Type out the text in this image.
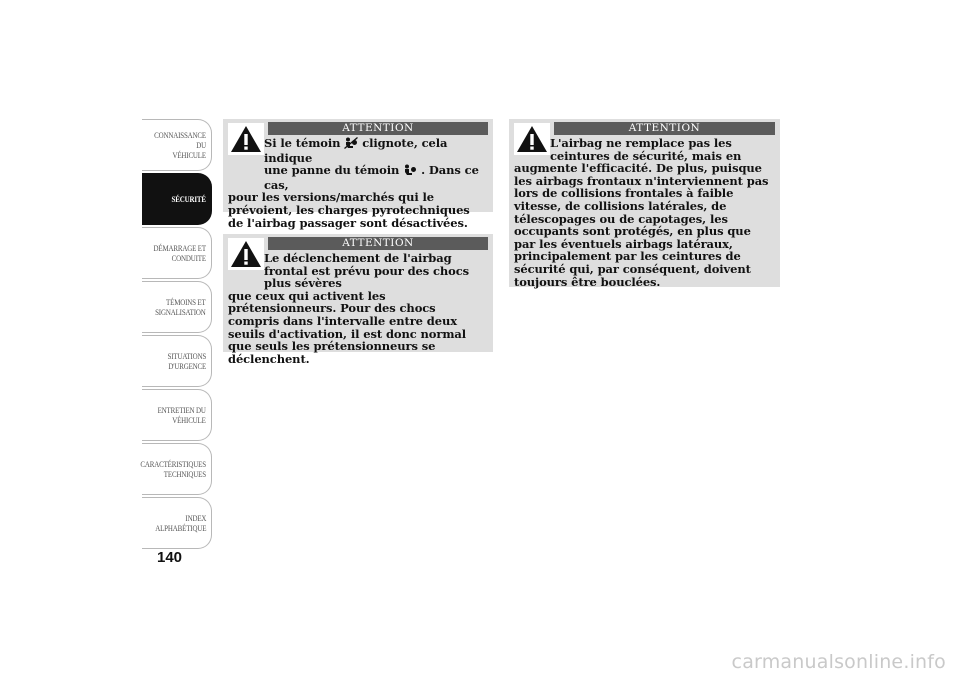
CONNAISSANCE DU
VÉHICULE
SÉCURITÉ
DÉMARRAGE ET
CONDUITE
TÉMOINS ET
SIGNALISATION
SITUATIONS
D'URGENCE
ENTRETIEN DU
VÉHICULE
CARACTÉRISTIQUES
TECHNIQUES
INDEX
ALPHABÉTIQUE
140
ATTENTION
Si le témoin clignote, cela indique
une panne du témoin . Dans ce cas,
pour les versions/marchés qui le prévoient, les charges pyrotechniques de l'airbag passager sont désactivées.
ATTENTION
Le déclenchement de l'airbag frontal est prévu pour des chocs plus sévères
que ceux qui activent les prétensionneurs. Pour des chocs compris dans l'intervalle entre deux seuils d'activation, il est donc normal que seuls les prétensionneurs se déclenchent.
ATTENTION
L'airbag ne remplace pas les ceintures de sécurité, mais en
augmente l'efficacité. De plus, puisque les airbags frontaux n'interviennent pas lors de collisions frontales à faible vitesse, de collisions latérales, de télescopages ou de capotages, les occupants sont protégés, en plus que par les éventuels airbags latéraux, principalement par les ceintures de sécurité qui, par conséquent, doivent toujours être bouclées.
carmanualsonline.info
